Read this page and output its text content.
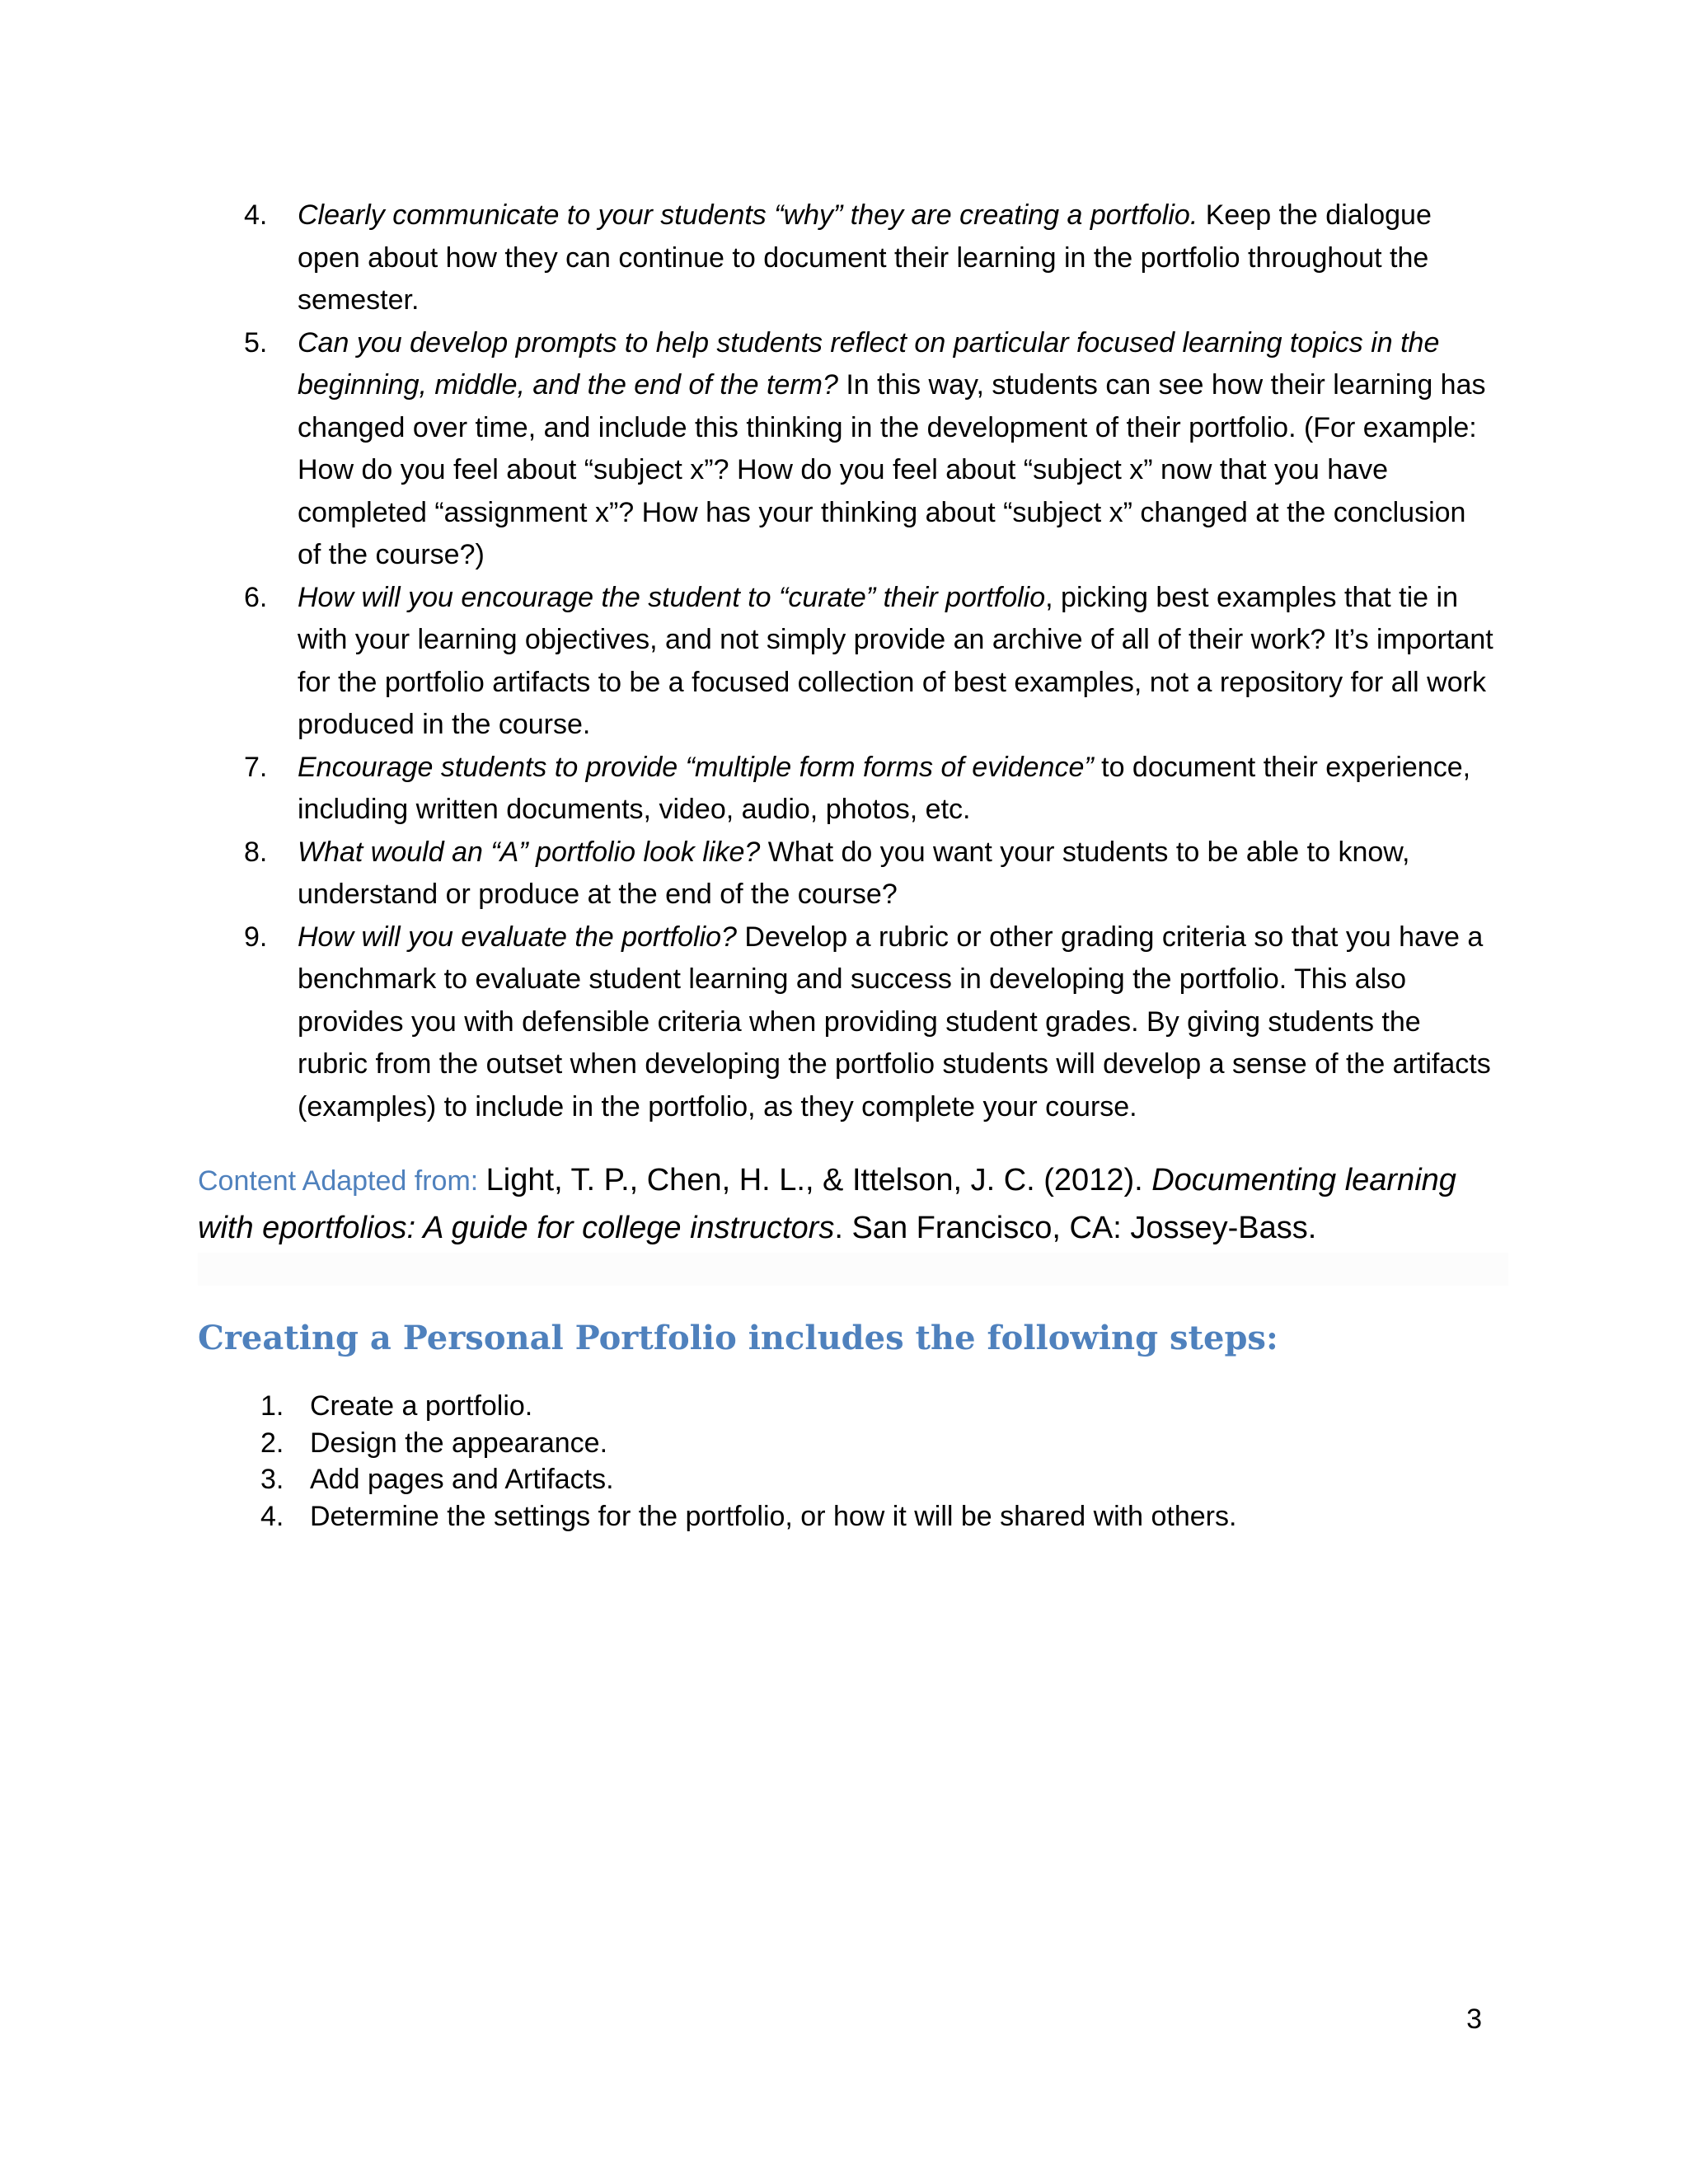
4. Clearly communicate to your students “why” they are creating a portfolio. Keep the dialogue open about how they can continue to document their learning in the portfolio throughout the semester.
5. Can you develop prompts to help students reflect on particular focused learning topics in the beginning, middle, and the end of the term? In this way, students can see how their learning has changed over time, and include this thinking in the development of their portfolio. (For example: How do you feel about “subject x”? How do you feel about “subject x” now that you have completed “assignment x”? How has your thinking about “subject x” changed at the conclusion of the course?)
6. How will you encourage the student to “curate” their portfolio, picking best examples that tie in with your learning objectives, and not simply provide an archive of all of their work? It’s important for the portfolio artifacts to be a focused collection of best examples, not a repository for all work produced in the course.
7. Encourage students to provide “multiple form forms of evidence” to document their experience, including written documents, video, audio, photos, etc.
8. What would an “A” portfolio look like? What do you want your students to be able to know, understand or produce at the end of the course?
9. How will you evaluate the portfolio? Develop a rubric or other grading criteria so that you have a benchmark to evaluate student learning and success in developing the portfolio. This also provides you with defensible criteria when providing student grades. By giving students the rubric from the outset when developing the portfolio students will develop a sense of the artifacts (examples) to include in the portfolio, as they complete your course.

Content Adapted from: Light, T. P., Chen, H. L., & Ittelson, J. C. (2012). Documenting learning with eportfolios: A guide for college instructors. San Francisco, CA: Jossey-Bass.

Creating a Personal Portfolio includes the following steps:
1. Create a portfolio.
2. Design the appearance.
3. Add pages and Artifacts.
4. Determine the settings for the portfolio, or how it will be shared with others.
3
